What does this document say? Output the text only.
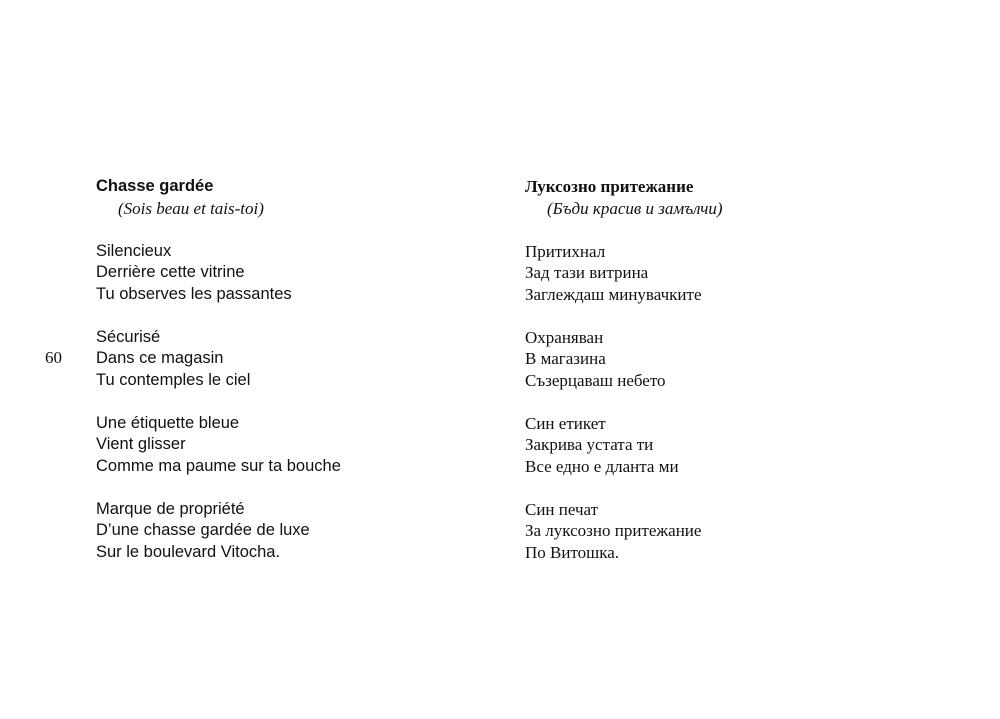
60

Chasse gardée

(Sois beau et tais-toi)

Silencieux
Derrière cette vitrine
Tu observes les passantes
Sécurisé
Dans ce magasin
Tu contemples le ciel
Une étiquette bleue
Vient glisser
Comme ma paume sur ta bouche
Marque de propriété
D’une chasse gardée de luxe
Sur le boulevard Vitocha.

Луксозно притежание

(Бъди красив и замълчи)

Притихнал
Зад тази витрина
Заглеждаш минувачките
Охраняван
В магазина
Съзерцаваш небето
Син етикет
Закрива устата ти
Все едно е дланта ми
Син печат
За луксозно притежание
По Витошка.
